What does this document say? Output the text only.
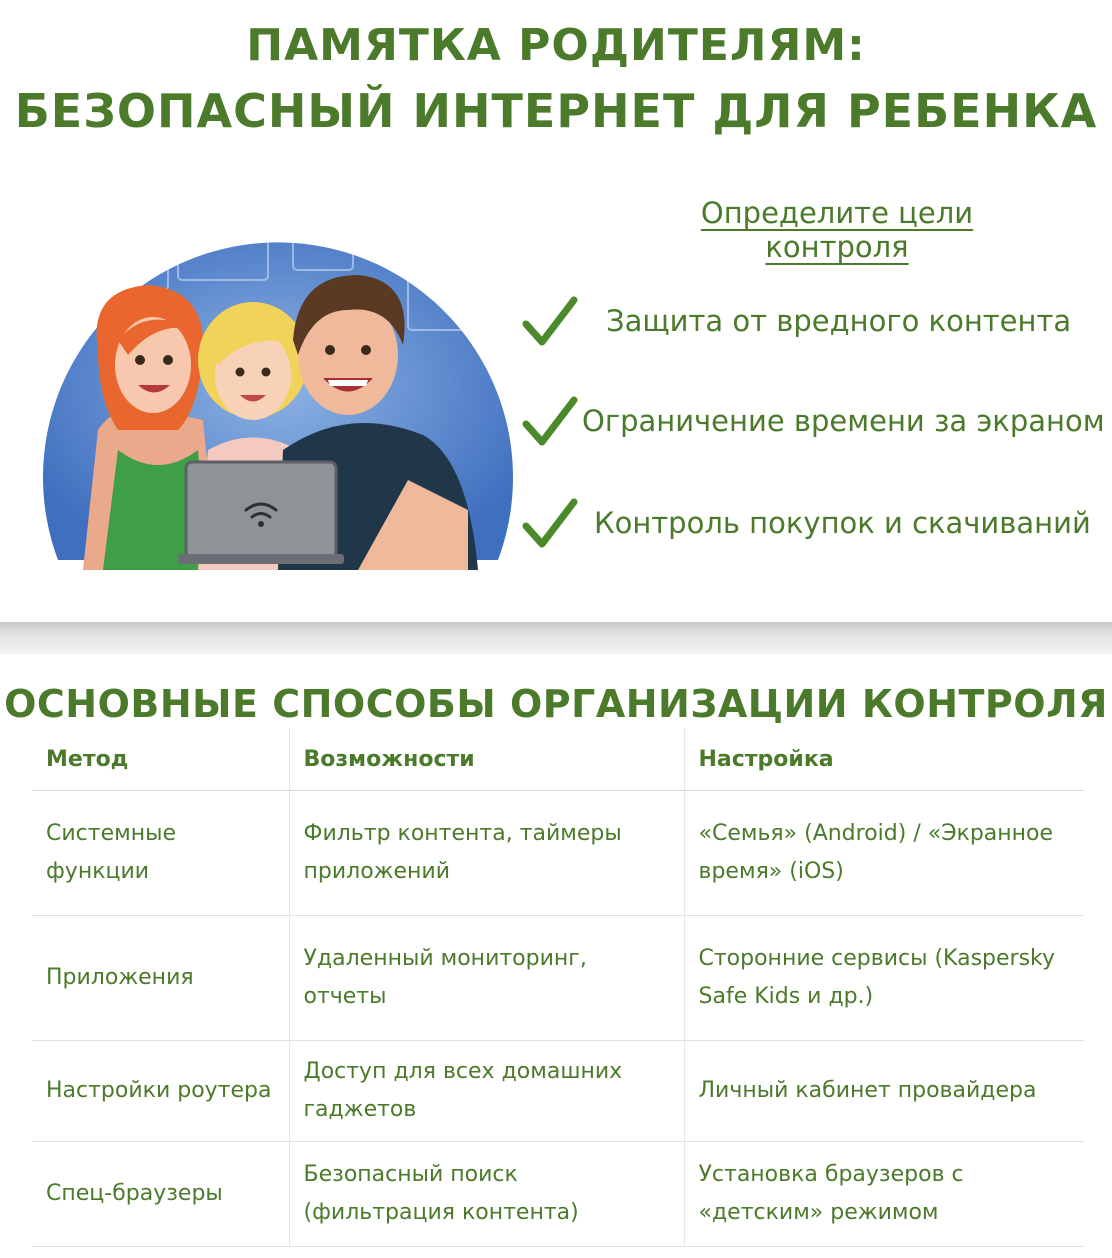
ПАМЯТКА РОДИТЕЛЯМ:
БЕЗОПАСНЫЙ ИНТЕРНЕТ ДЛЯ РЕБЕНКА
Определите цели контроля
Защита от вредного контента
Ограничение времени за экраном
Контроль покупок и скачиваний
ОСНОВНЫЕ СПОСОБЫ ОРГАНИЗАЦИИ КОНТРОЛЯ
Метод	Возможности	Настройка
Системные функции	Фильтр контента, таймеры приложений	«Семья» (Android) / «Экранное время» (iOS)
Приложения	Удаленный мониторинг, отчеты	Сторонние сервисы (Kaspersky Safe Kids и др.)
Настройки роутера	Доступ для всех домашних гаджетов	Личный кабинет провайдера
Спец-браузеры	Безопасный поиск (фильтрация контента)	Установка браузеров с «детским» режимом
